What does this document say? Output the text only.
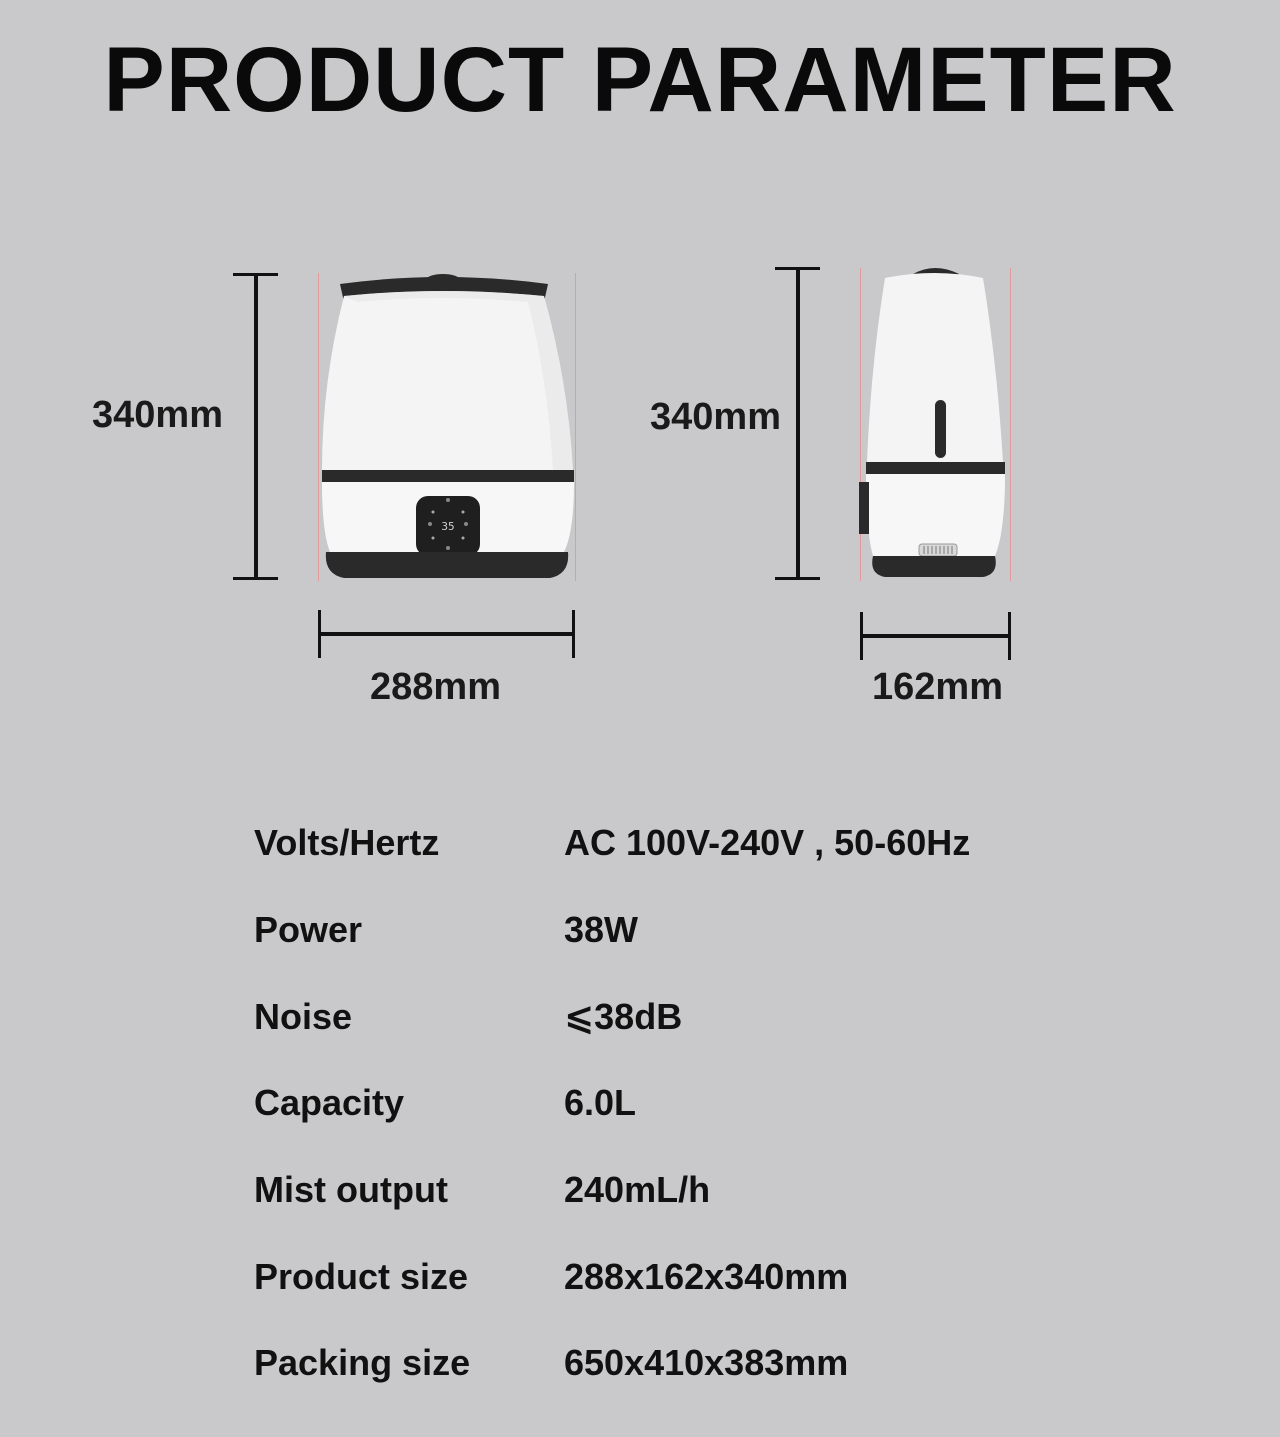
PRODUCT PARAMETER
340mm
35
288mm
340mm
162mm
Volts/Hertz	AC 100V-240V , 50-60Hz
Power	38W
Noise	⩽38dB
Capacity	6.0L
Mist output	240mL/h
Product size	288x162x340mm
Packing size	650x410x383mm
